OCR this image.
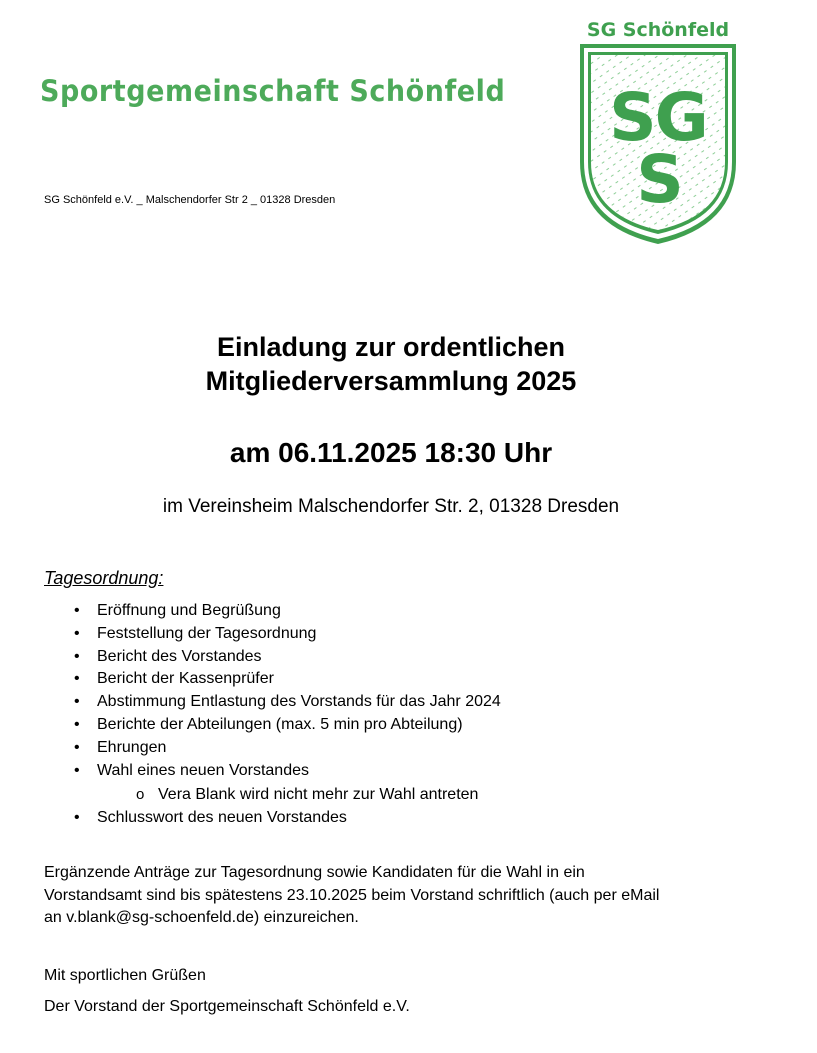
Sportgemeinschaft Schönfeld
SG Schönfeld e.V. _ Malschendorfer Str 2 _ 01328 Dresden
SG Schönfeld
SG
S
Einladung zur ordentlichen
Mitgliederversammlung 2025
am 06.11.2025 18:30 Uhr
im Vereinsheim Malschendorfer Str. 2, 01328 Dresden
Tagesordnung:
• Eröffnung und Begrüßung
• Feststellung der Tagesordnung
• Bericht des Vorstandes
• Bericht der Kassenprüfer
• Abstimmung Entlastung des Vorstands für das Jahr 2024
• Berichte der Abteilungen (max. 5 min pro Abteilung)
• Ehrungen
• Wahl eines neuen Vorstandes
o Vera Blank wird nicht mehr zur Wahl antreten
• Schlusswort des neuen Vorstandes
Ergänzende Anträge zur Tagesordnung sowie Kandidaten für die Wahl in ein
Vorstandsamt sind bis spätestens 23.10.2025 beim Vorstand schriftlich (auch per eMail
an v.blank@sg-schoenfeld.de) einzureichen.
Mit sportlichen Grüßen
Der Vorstand der Sportgemeinschaft Schönfeld e.V.
